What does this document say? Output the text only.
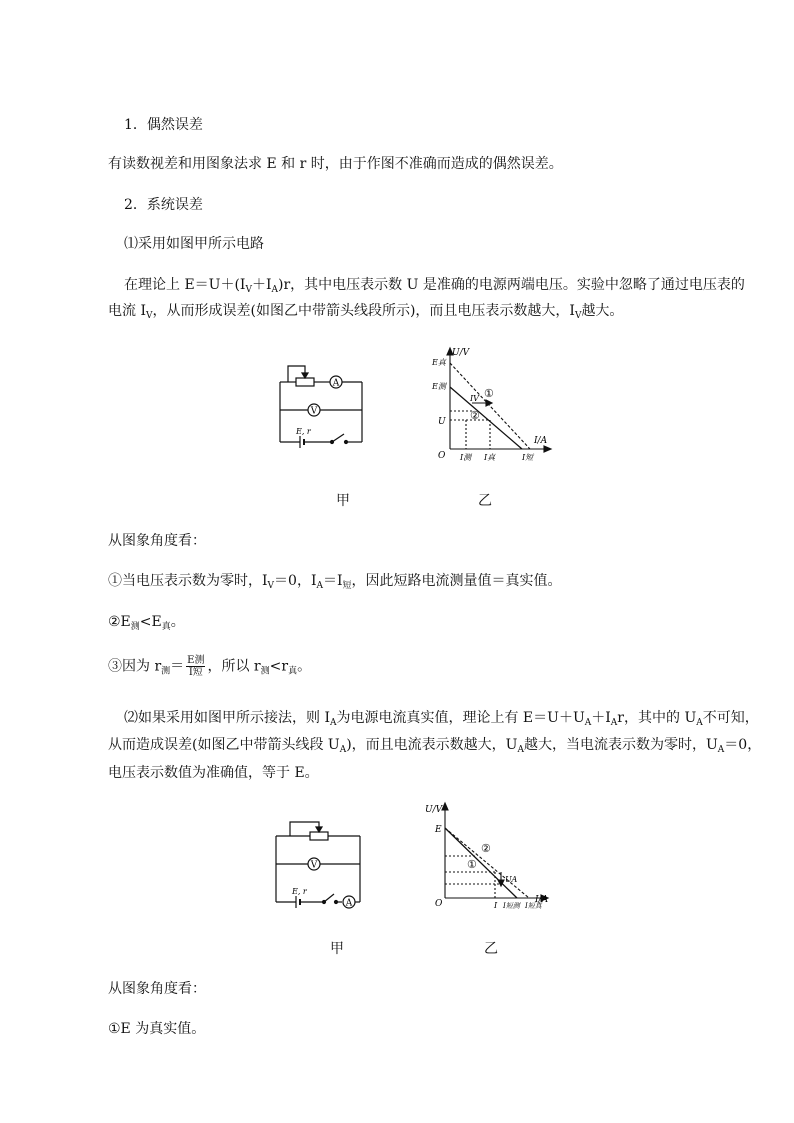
1．偶然误差
有读数视差和用图象法求 E 和 r 时，由于作图不准确而造成的偶然误差。
2．系统误差
⑴采用如图甲所示电路
在理论上 $E=U+(I_V+I_A)r$，其中电压表示数 U 是准确的电源两端电压。实验中忽略了通过电压表的
电流 $I_V$，从而形成误差(如图乙中带箭头线段所示)，而且电压表示数越大，$I_V$越大。
A
V
E, r
U/V
I/A
O
E真
E测
U
IV ①
②
I测 I真	I短
甲	乙
从图象角度看：
①当电压表示数为零时，$I_V=0$，$I_A=I_短$，因此短路电流测量值＝真实值。
$②E_测<E_真$。
③因为 $r_测= \frac{\text{E测}}{\text{I短}}$ ，所以 $r_测<r_真$。
⑵如果采用如图甲所示接法，则 $I_A$为电源电流真实值，理论上有 $E=U+U_A+I_Ar$，其中的 $U_A$不可知，
从而造成误差(如图乙中带箭头线段 $U_A$)，而且电流表示数越大，$U_A$越大，当电流表示数为零时，$U_A=0$，
电压表示数值为准确值，等于 E。
V
A
E, r
U/V
I/A
O
E
UA
②
①
I I短测 I短真
甲	乙
从图象角度看：
①E 为真实值。
